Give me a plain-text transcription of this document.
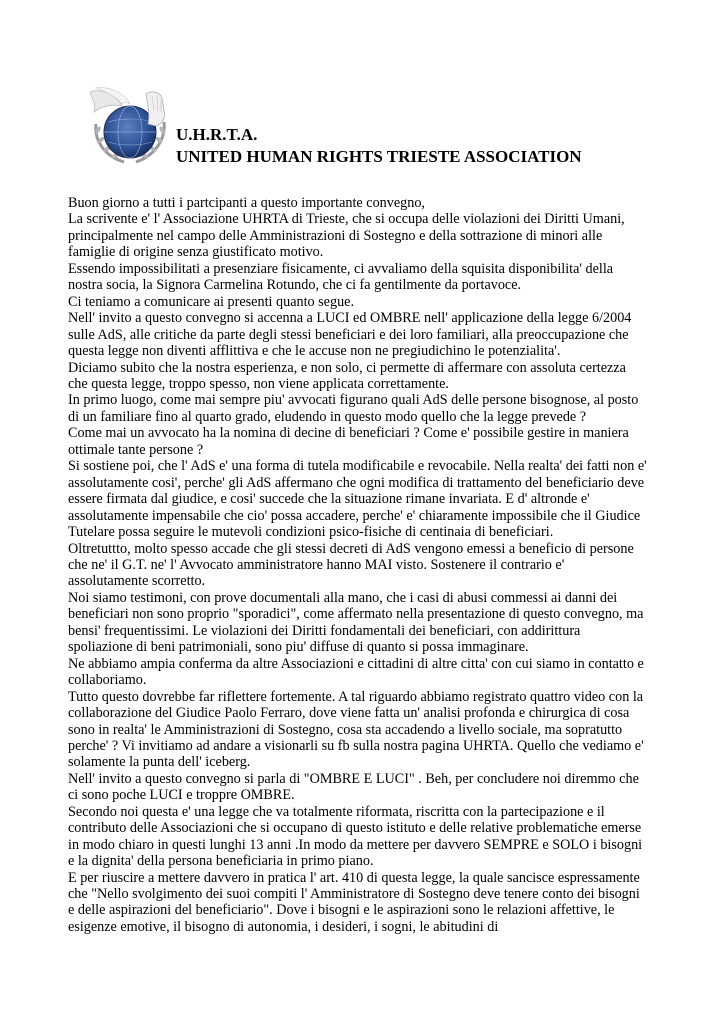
U.H.R.T.A.
UNITED HUMAN RIGHTS TRIESTE ASSOCIATION

Buon giorno a tutti i partcipanti a questo importante convegno,

La scrivente e' l' Associazione UHRTA di Trieste, che si occupa delle violazioni dei Diritti Umani, principalmente nel campo delle Amministrazioni di Sostegno e della sottrazione di minori alle famiglie di origine senza giustificato motivo.

Essendo impossibilitati a presenziare fisicamente, ci avvaliamo della squisita disponibilita' della nostra socia, la Signora Carmelina Rotundo, che ci fa gentilmente da portavoce.

Ci teniamo a comunicare ai presenti quanto segue.

Nell' invito a questo convegno si accenna a LUCI ed OMBRE nell' applicazione della legge 6/2004 sulle AdS, alle critiche da parte degli stessi beneficiari e dei loro familiari, alla preoccupazione che questa legge non diventi afflittiva e che le accuse non ne pregiudichino le potenzialita'.

Diciamo subito che la nostra esperienza, e non solo, ci permette di affermare con assoluta certezza che questa legge, troppo spesso, non viene applicata correttamente.

In primo luogo, come mai sempre piu' avvocati figurano quali AdS delle persone bisognose, al posto di un familiare fino al quarto grado, eludendo in questo modo quello che la legge prevede ?

Come mai un avvocato ha la nomina di decine di beneficiari ? Come e' possibile gestire in maniera ottimale tante persone ?

Si sostiene poi, che l' AdS e' una forma di tutela modificabile e revocabile. Nella realta' dei fatti non e' assolutamente cosi', perche' gli AdS affermano che ogni modifica di trattamento del beneficiario deve essere firmata dal giudice, e cosi' succede che la situazione rimane invariata. E d' altronde e' assolutamente impensabile che cio' possa accadere, perche' e' chiaramente impossibile che il Giudice Tutelare possa seguire le mutevoli condizioni psico-fisiche di centinaia di beneficiari.

Oltretuttto, molto spesso accade che gli stessi decreti di AdS vengono emessi a beneficio di persone che ne' il G.T. ne' l' Avvocato amministratore hanno MAI visto. Sostenere il contrario e' assolutamente scorretto.

Noi siamo testimoni, con prove documentali alla mano, che i casi di abusi commessi ai danni dei beneficiari non sono proprio "sporadici", come affermato nella presentazione di questo convegno, ma bensi' frequentissimi. Le violazioni dei Diritti fondamentali dei beneficiari, con addirittura spoliazione di beni patrimoniali, sono piu' diffuse di quanto si possa immaginare.

Ne abbiamo ampia conferma da altre Associazioni e cittadini di altre citta' con cui siamo in contatto e collaboriamo.

Tutto questo dovrebbe far riflettere fortemente. A tal riguardo abbiamo registrato quattro video con la collaborazione del Giudice Paolo Ferraro, dove viene fatta un' analisi profonda e chirurgica di cosa sono in realta' le Amministrazioni di Sostegno, cosa sta accadendo a livello sociale, ma sopratutto perche' ? Vi invitiamo ad andare a visionarli su fb sulla nostra pagina UHRTA. Quello che vediamo e' solamente la punta dell' iceberg.

Nell' invito a questo convegno si parla di "OMBRE E LUCI" . Beh, per concludere noi diremmo che ci sono poche LUCI e troppre OMBRE.

Secondo noi questa e' una legge che va totalmente riformata, riscritta con la partecipazione e il contributo delle Associazioni che si occupano di questo istituto e delle relative problematiche emerse in modo chiaro in questi lunghi 13 anni .In modo da mettere per davvero SEMPRE e SOLO i bisogni e la dignita' della persona beneficiaria in primo piano.

E per riuscire a mettere davvero in pratica l' art. 410 di questa legge, la quale sancisce espressamente che "Nello svolgimento dei suoi compiti l' Amministratore di Sostegno deve tenere conto dei bisogni e delle aspirazioni del beneficiario". Dove i bisogni e le aspirazioni sono le relazioni affettive, le esigenze emotive, il bisogno di autonomia, i desideri, i sogni, le abitudini di
